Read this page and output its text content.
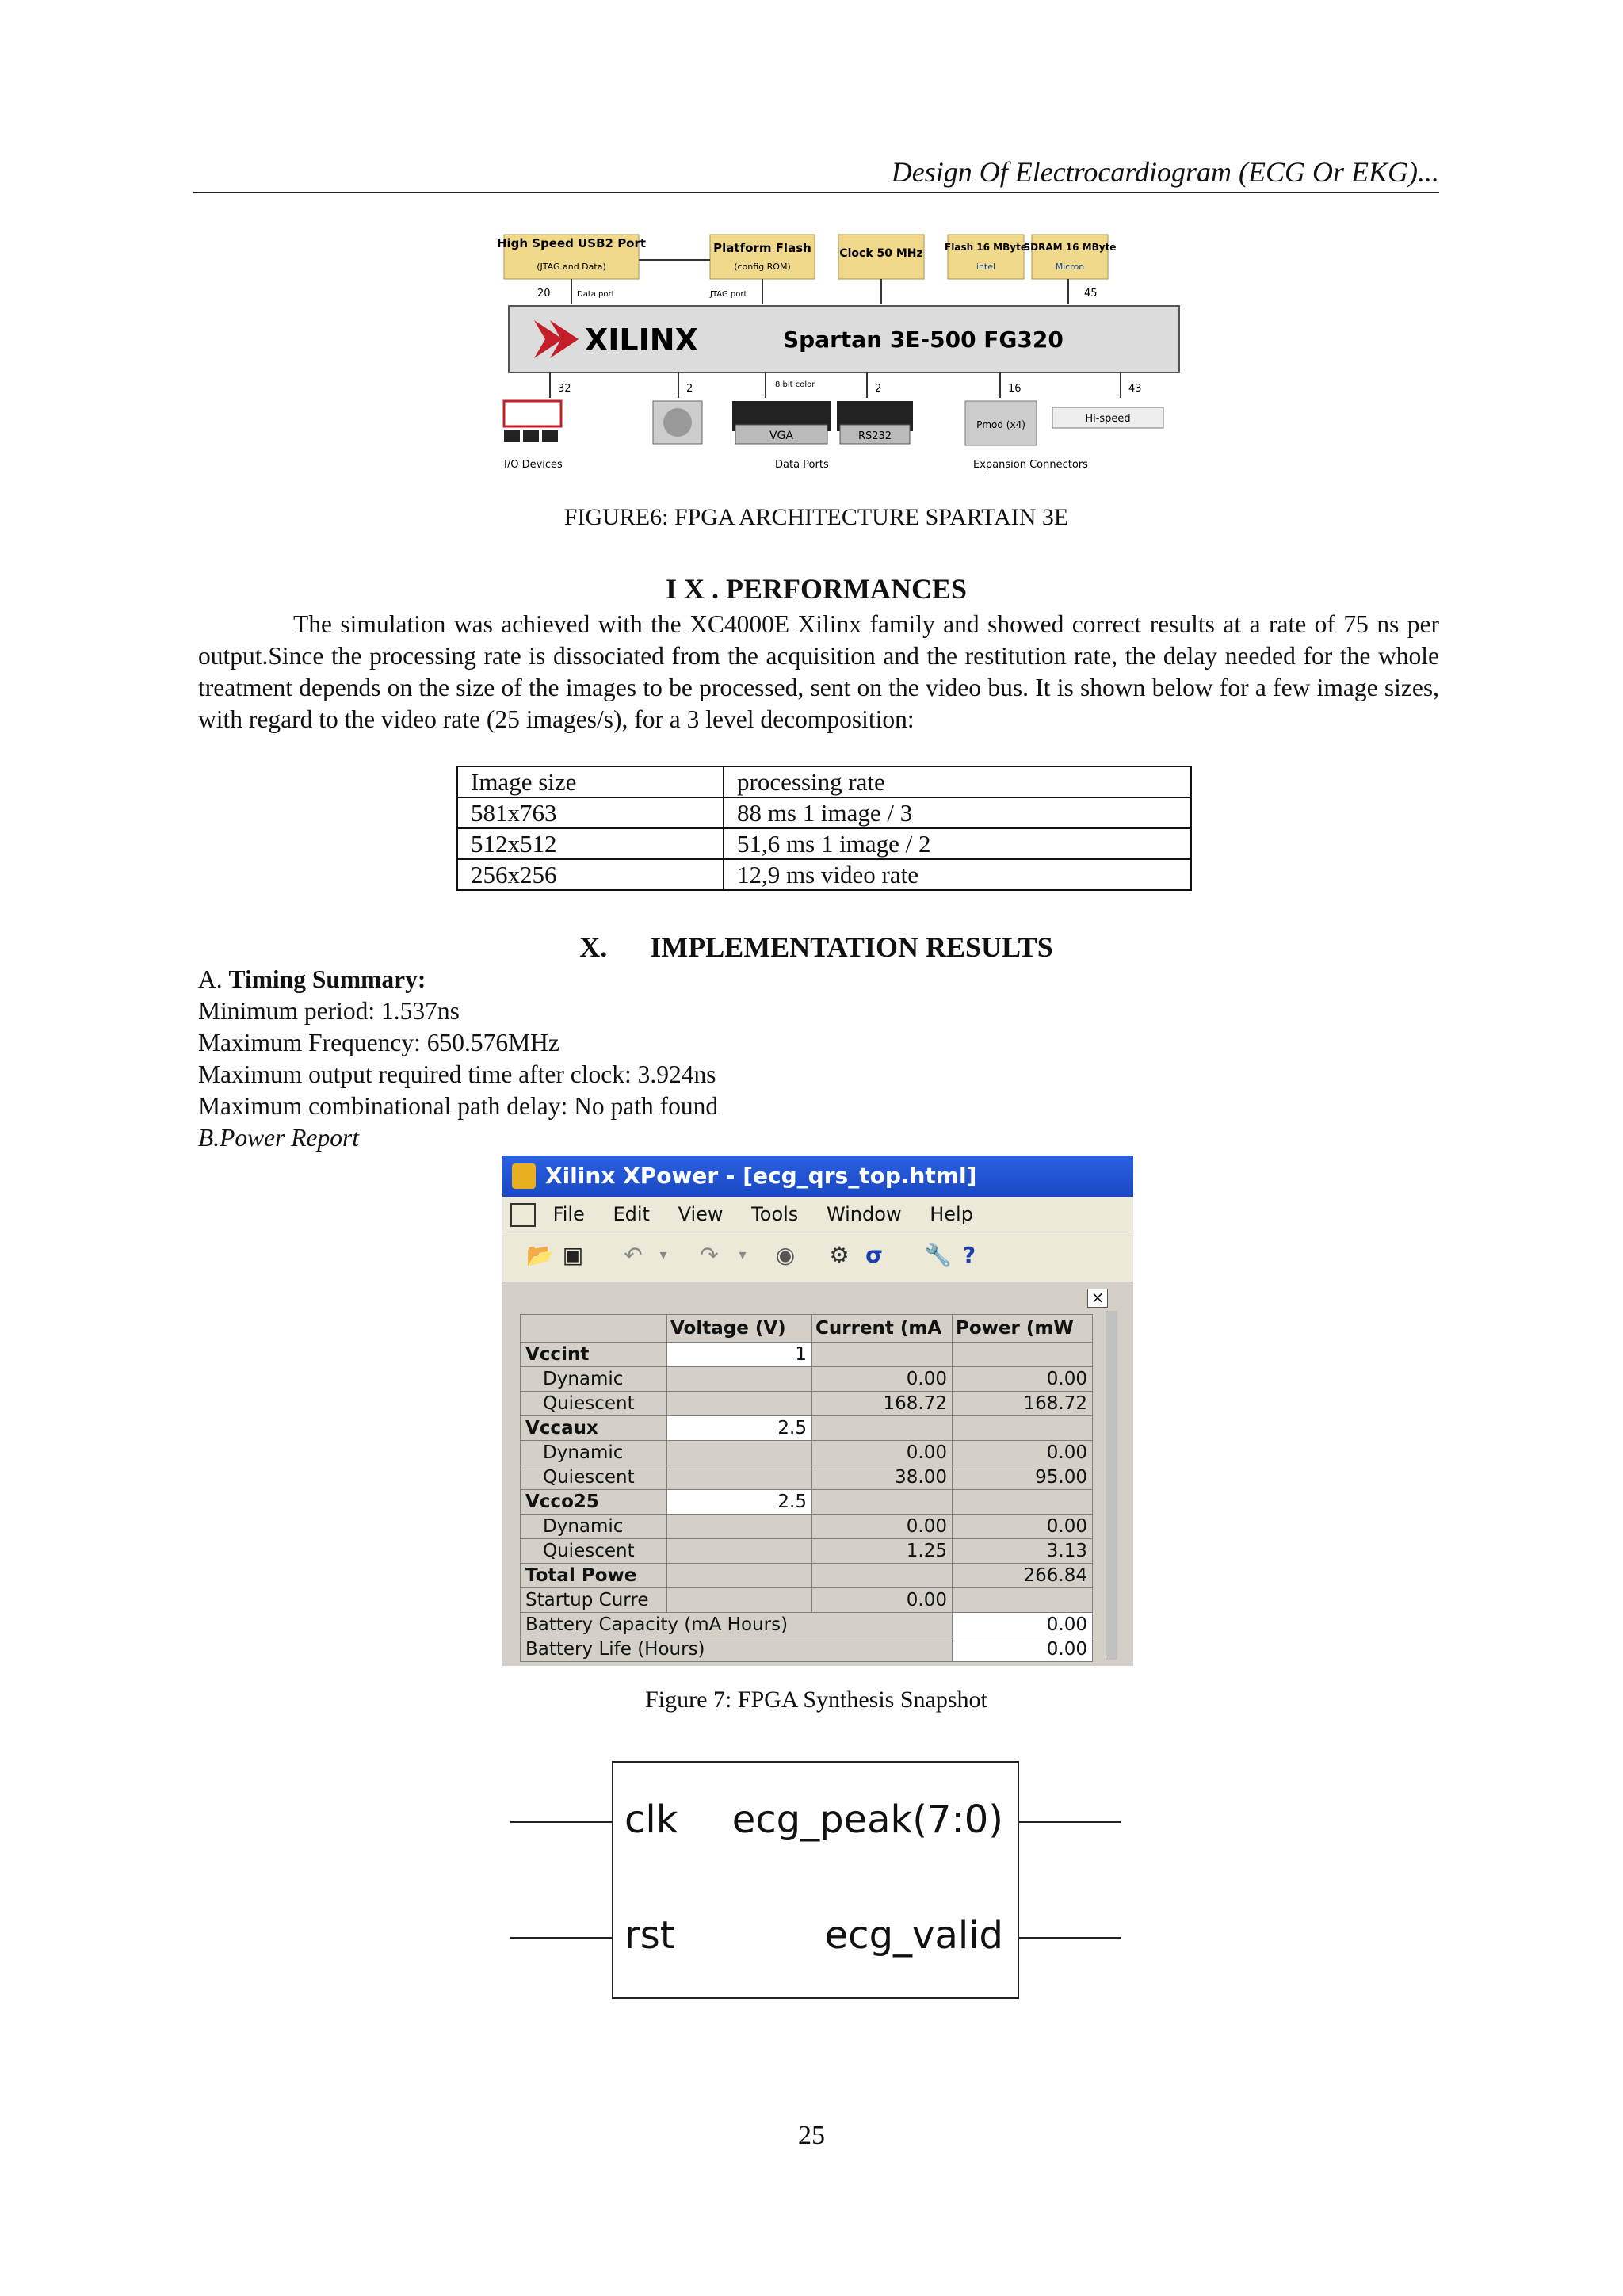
Design Of Electrocardiogram (ECG Or EKG)...
High Speed USB2 Port
(JTAG and Data)
Platform Flash
(config ROM)
Clock 50 MHz Flash 16 MByte
intel
SDRAM 16 MByte
Micron
20	Data port	JTAG port	45
XILINX	Spartan 3E-500 FG320
32	2	8 bit color	2	16	43
VGA	RS232
Pmod (x4)	Hi-speed
I/O Devices	Data Ports	Expansion Connectors
FIGURE6: FPGA ARCHITECTURE SPARTAIN 3E
I X . PERFORMANCES
The simulation was achieved with the XC4000E Xilinx family and showed correct results at a rate of 75 ns per output.Since the processing rate is dissociated from the acquisition and the restitution rate, the delay needed for the whole treatment depends on the size of the images to be processed, sent on the video bus. It is shown below for a few image sizes, with regard to the video rate (25 images/s), for a 3 level decomposition:
Image size	processing rate
581x763	88 ms 1 image / 3
512x512	51,6 ms 1 image / 2
256x256	12,9 ms video rate
X.      IMPLEMENTATION RESULTS
A. Timing Summary:
Minimum period: 1.537ns
Maximum Frequency: 650.576MHz
Maximum output required time after clock: 3.924ns
Maximum combinational path delay: No path found
B.Power Report
Xilinx XPower - [ecg_qrs_top.html]
File Edit View Tools Window Help
📂 ▣ ↶	▾	↷	▾	◉ ⚙ σ 🔧 ?
×
	Voltage (V)	Current (mA	Power (mW
Vccint	1		
Dynamic		0.00	0.00
Quiescent		168.72	168.72
Vccaux	2.5		
Dynamic		0.00	0.00
Quiescent		38.00	95.00
Vcco25	2.5		
Dynamic		0.00	0.00
Quiescent		1.25	3.13
Total Powe			266.84
Startup Curre		0.00	
Battery Capacity (mA Hours)			0.00
Battery Life (Hours)			0.00
Figure 7: FPGA Synthesis Snapshot
clk
rst
ecg_peak(7:0)
ecg_valid
25
